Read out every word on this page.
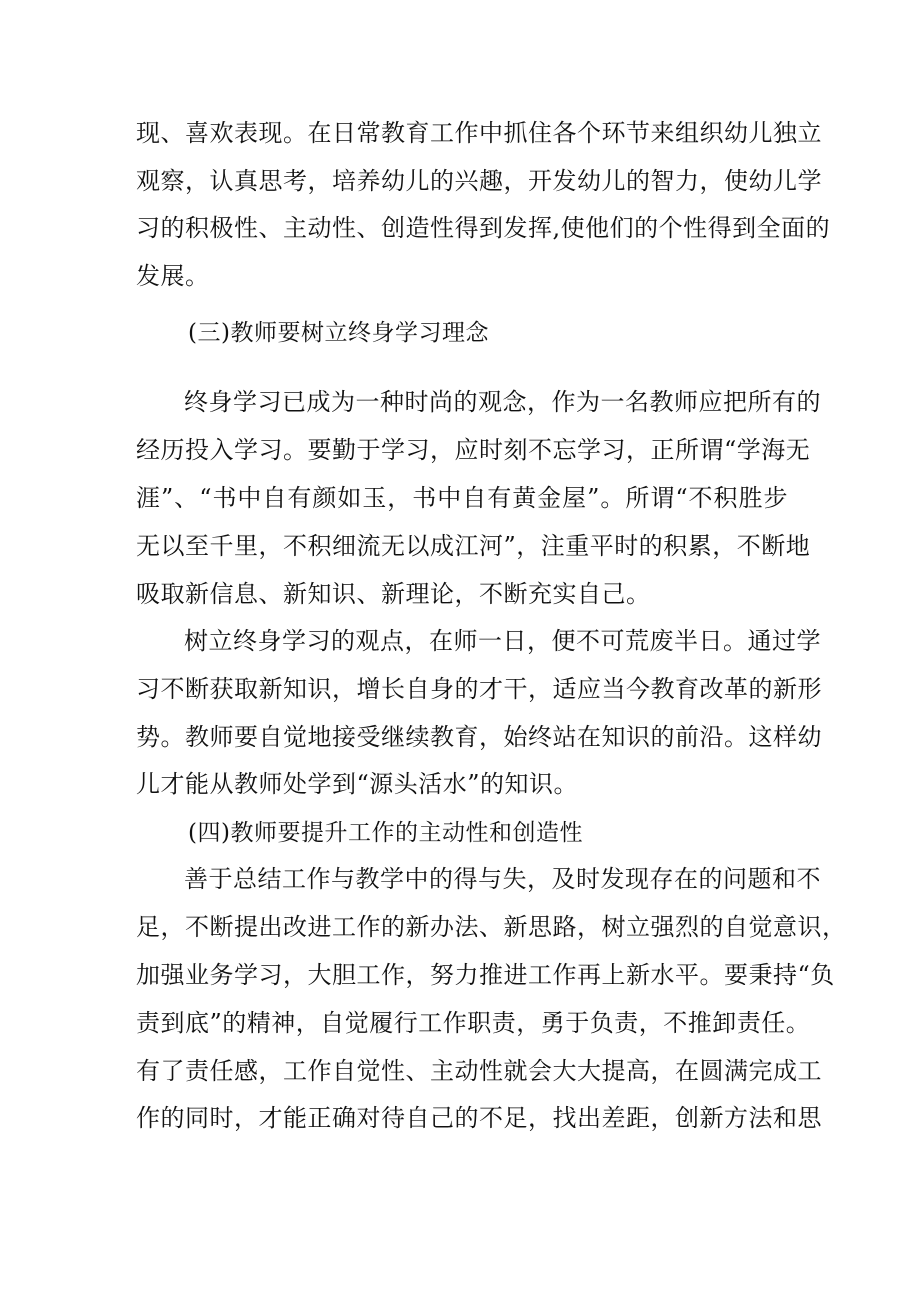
现、喜欢表现。在日常教育工作中抓住各个环节来组织幼儿独立
观察，认真思考，培养幼儿的兴趣，开发幼儿的智力，使幼儿学
习的积极性、主动性、创造性得到发挥,使他们的个性得到全面的
发展。
(三)教师要树立终身学习理念
终身学习已成为一种时尚的观念，作为一名教师应把所有的
经历投入学习。要勤于学习，应时刻不忘学习，正所谓“学海无
涯”、“书中自有颜如玉，书中自有黄金屋”。所谓“不积胜步
无以至千里，不积细流无以成江河”，注重平时的积累，不断地
吸取新信息、新知识、新理论，不断充实自己。
树立终身学习的观点，在师一日，便不可荒废半日。通过学
习不断获取新知识，增长自身的才干，适应当今教育改革的新形
势。教师要自觉地接受继续教育，始终站在知识的前沿。这样幼
儿才能从教师处学到“源头活水”的知识。
(四)教师要提升工作的主动性和创造性
善于总结工作与教学中的得与失，及时发现存在的问题和不
足，不断提出改进工作的新办法、新思路，树立强烈的自觉意识，
加强业务学习，大胆工作，努力推进工作再上新水平。要秉持“负
责到底”的精神，自觉履行工作职责，勇于负责，不推卸责任。
有了责任感，工作自觉性、主动性就会大大提高，在圆满完成工
作的同时，才能正确对待自己的不足，找出差距，创新方法和思
